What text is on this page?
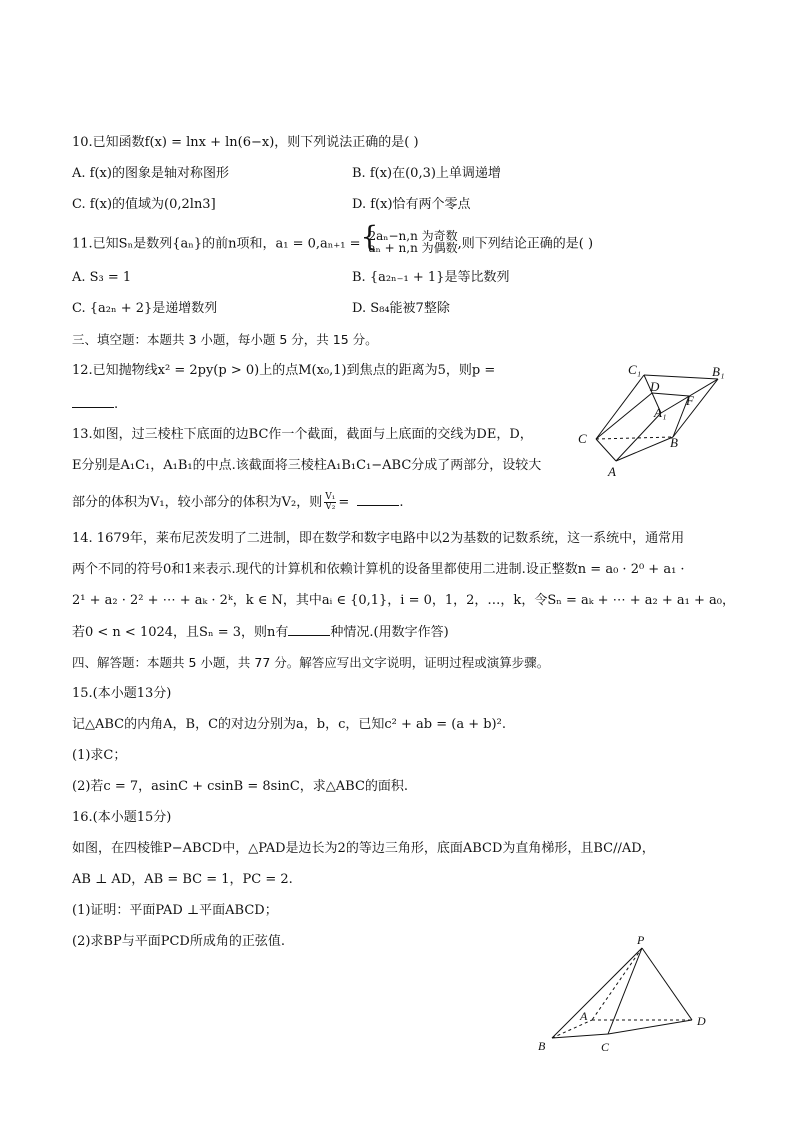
10.已知函数f(x) = lnx + ln(6−x)，则下列说法正确的是( )
A. f(x)的图象是轴对称图形	B. f(x)在(0,3)上单调递增
C. f(x)的值域为(0,2ln3]	D. f(x)恰有两个零点
11.已知Sₙ是数列{aₙ}的前n项和，a₁ = 0,aₙ₊₁ = {
2aₙ−n,n 为奇数
aₙ + n,n 为偶数 ,则下列结论正确的是( )
A. S₃ = 1	B. {a₂ₙ₋₁ + 1}是等比数列
C. {a₂ₙ + 2}是递增数列	D. S₈₄能被7整除
三、填空题：本题共 3 小题，每小题 5 分，共 15 分。
12.已知抛物线x² = 2py(p > 0)上的点M(x₀,1)到焦点的距离为5，则p =
.
13.如图，过三棱柱下底面的边BC作一个截面，截面与上底面的交线为DE，D，
E分别是A₁C₁，A₁B₁的中点.该截面将三棱柱A₁B₁C₁−ABC分成了两部分，设较大
部分的体积为V₁，较小部分的体积为V₂，则 $\frac{\text{V₁}}{\text{V₂}}$ =	.
C₁
D
B₁
A₁
F
C	B
A
14. 1679年，莱布尼茨发明了二进制，即在数学和数字电路中以2为基数的记数系统，这一系统中，通常用
两个不同的符号0和1来表示.现代的计算机和依赖计算机的设备里都使用二进制.设正整数n = a₀ · 2⁰ + a₁ ·
2¹ + a₂ · 2² + ⋯ + aₖ · 2ᵏ，k ∈ N，其中aᵢ ∈ {0,1}，i = 0，1，2，…，k，令Sₙ = aₖ + ⋯ + a₂ + a₁ + a₀，
若0 < n < 1024，且Sₙ = 3，则n有	种情况.(用数字作答)
四、解答题：本题共 5 小题，共 77 分。解答应写出文字说明，证明过程或演算步骤。
15.(本小题13分)
记△ABC的内角A，B，C的对边分别为a，b，c，已知c² + ab = (a + b)².
(1)求C；
(2)若c = 7，asinC + csinB = 8sinC，求△ABC的面积.
16.(本小题15分)
如图，在四棱锥P−ABCD中，△PAD是边长为2的等边三角形，底面ABCD为直角梯形，且BC//AD，
AB ⊥ AD，AB = BC = 1，PC = 2.
(1)证明：平面PAD ⊥平面ABCD；
(2)求BP与平面PCD所成角的正弦值.	P
A	D
B	C
